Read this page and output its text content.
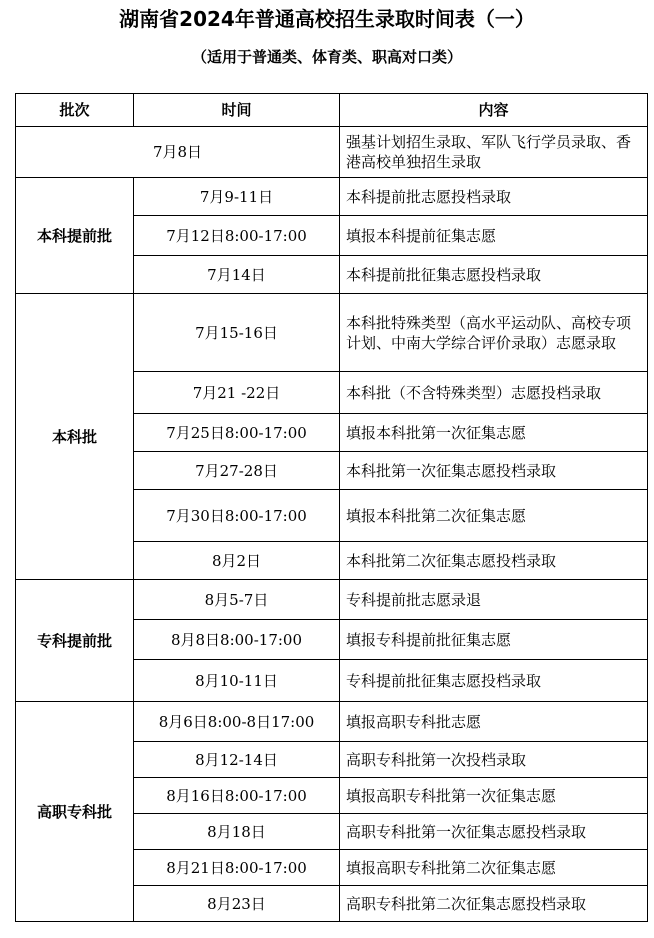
湖南省2024年普通高校招生录取时间表（一）
（适用于普通类、体育类、职高对口类）
批次	时间	内容
7月8日		强基计划招生录取、军队飞行学员录取、香港高校单独招生录取
本科提前批	7月9-11日	本科提前批志愿投档录取
	7月12日8:00-17:00	填报本科提前征集志愿
	7月14日	本科提前批征集志愿投档录取
本科批	7月15-16日	本科批特殊类型（高水平运动队、高校专项计划、中南大学综合评价录取）志愿录取
	7月21 -22日	本科批（不含特殊类型）志愿投档录取
	7月25日8:00-17:00	填报本科批第一次征集志愿
	7月27-28日	本科批第一次征集志愿投档录取
	7月30日8:00-17:00	填报本科批第二次征集志愿
	8月2日	本科批第二次征集志愿投档录取
专科提前批	8月5-7日	专科提前批志愿录退
	8月8日8:00-17:00	填报专科提前批征集志愿
	8月10-11日	专科提前批征集志愿投档录取
高职专科批	8月6日8:00-8日17:00	填报高职专科批志愿
	8月12-14日	高职专科批第一次投档录取
	8月16日8:00-17:00	填报高职专科批第一次征集志愿
	8月18日	高职专科批第一次征集志愿投档录取
	8月21日8:00-17:00	填报高职专科批第二次征集志愿
	8月23日	高职专科批第二次征集志愿投档录取
